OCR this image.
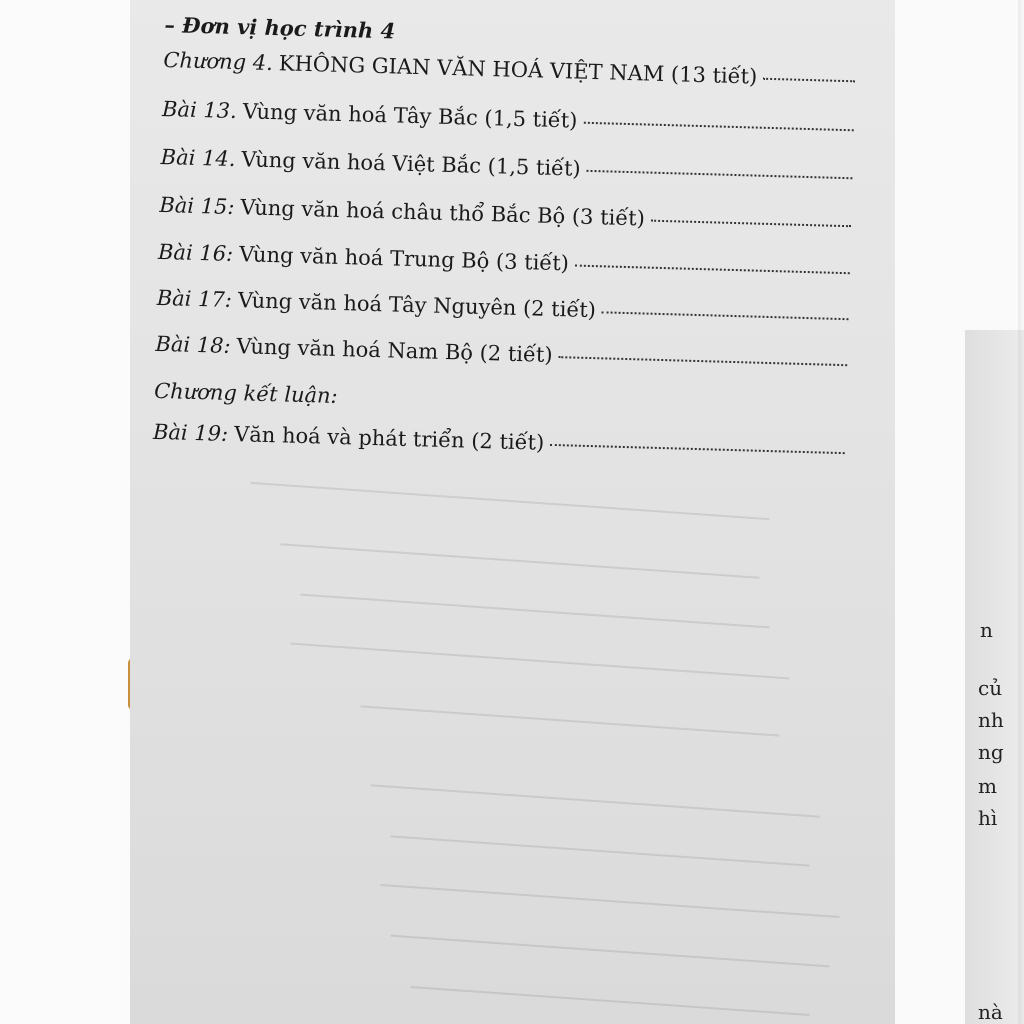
– Đơn vị học trình 4
Chương 4. KHÔNG GIAN VĂN HOÁ VIỆT NAM (13 tiết)
Bài 13. Vùng văn hoá Tây Bắc (1,5 tiết)
Bài 14. Vùng văn hoá Việt Bắc (1,5 tiết)
Bài 15: Vùng văn hoá châu thổ Bắc Bộ (3 tiết)
Bài 16: Vùng văn hoá Trung Bộ (3 tiết)
Bài 17: Vùng văn hoá Tây Nguyên (2 tiết)
Bài 18: Vùng văn hoá Nam Bộ (2 tiết)
Chương kết luận:
Bài 19: Văn hoá và phát triển (2 tiết)
n
củ
nh
ng
m
hì
nà
